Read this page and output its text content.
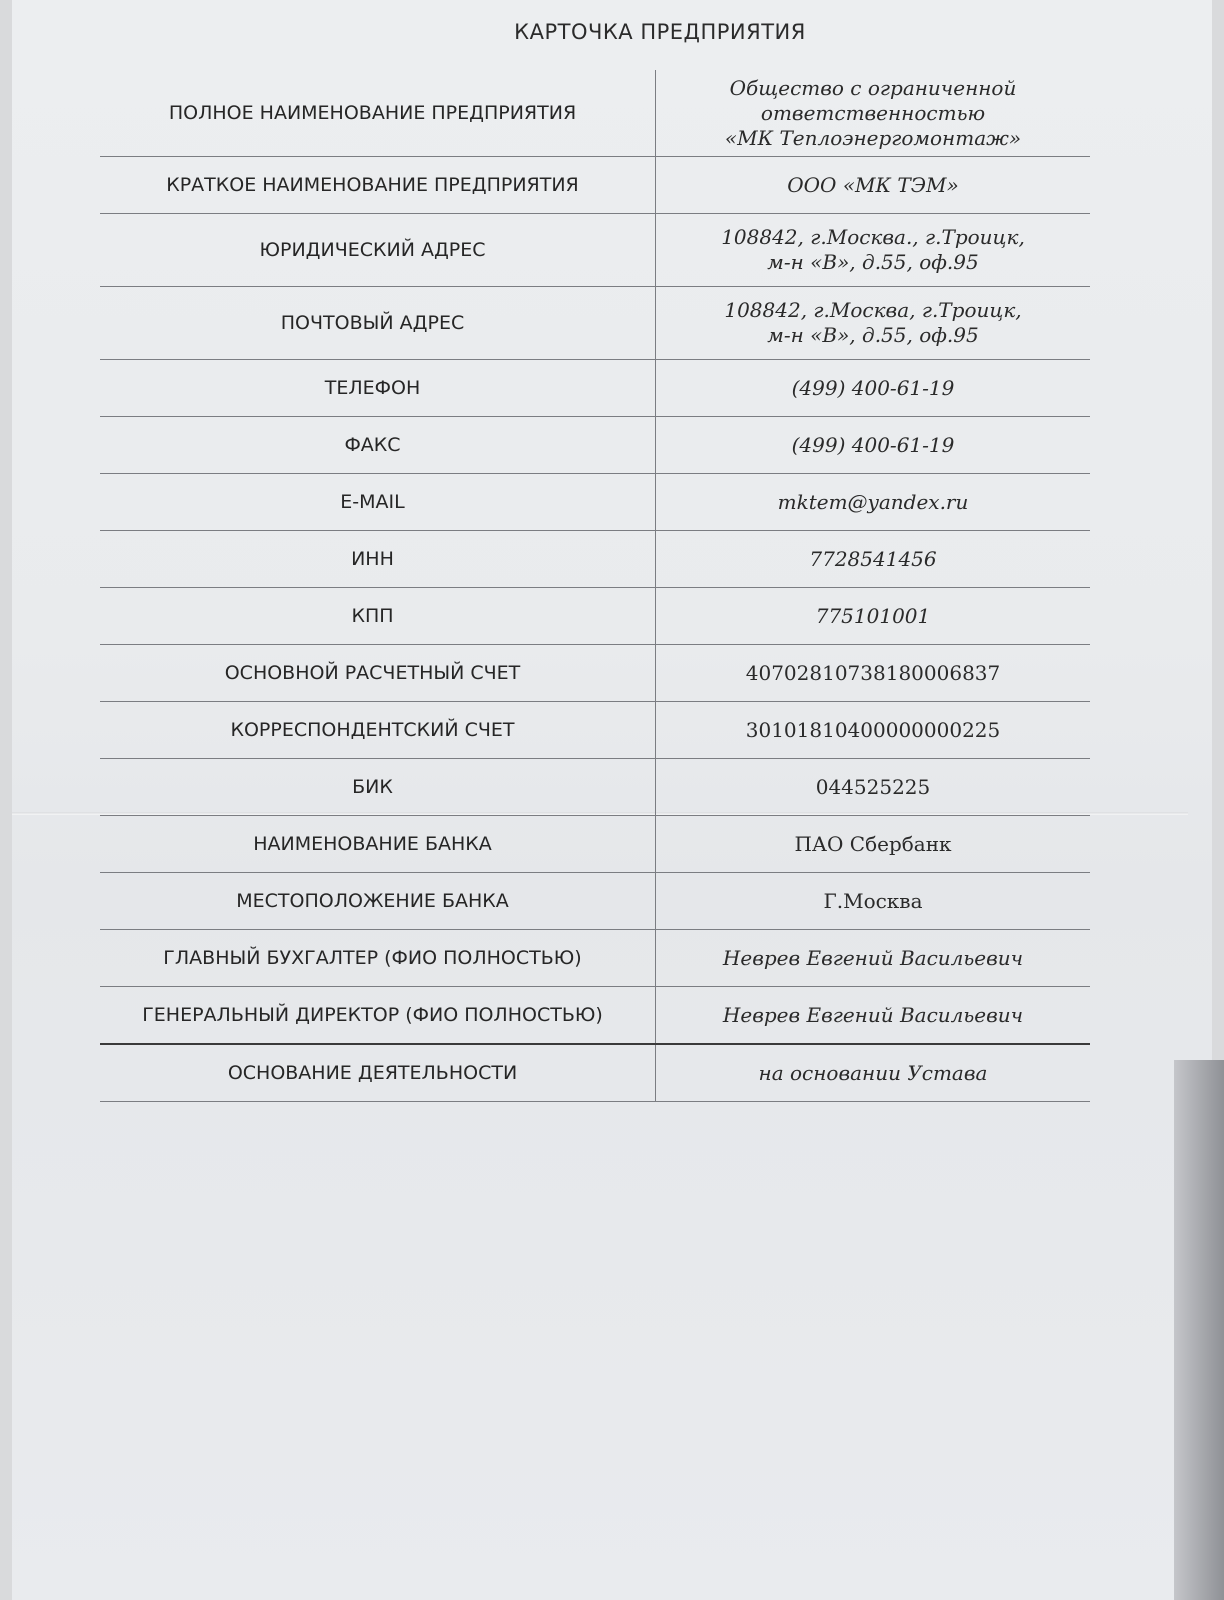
КАРТОЧКА ПРЕДПРИЯТИЯ
ПОЛНОЕ НАИМЕНОВАНИЕ ПРЕДПРИЯТИЯ	Общество с ограниченной
ответственностью
«МК Теплоэнергомонтаж»

КРАТКОЕ НАИМЕНОВАНИЕ ПРЕДПРИЯТИЯ	ООО «МК ТЭМ»

ЮРИДИЧЕСКИЙ АДРЕС	108842, г.Москва., г.Троицк,
м-н «В», д.55, оф.95

ПОЧТОВЫЙ АДРЕС	108842, г.Москва, г.Троицк,
м-н «В», д.55, оф.95

ТЕЛЕФОН	(499) 400-61-19

ФАКС	(499) 400-61-19

E-MAIL	mktem@yandex.ru

ИНН	7728541456

КПП	775101001

ОСНОВНОЙ РАСЧЕТНЫЙ СЧЕТ	40702810738180006837

КОРРЕСПОНДЕНТСКИЙ СЧЕТ	30101810400000000225

БИК	044525225

НАИМЕНОВАНИЕ БАНКА	ПАО Сбербанк

МЕСТОПОЛОЖЕНИЕ БАНКА	Г.Москва

ГЛАВНЫЙ БУХГАЛТЕР (ФИО ПОЛНОСТЬЮ)	Неврев Евгений Васильевич

ГЕНЕРАЛЬНЫЙ ДИРЕКТОР (ФИО ПОЛНОСТЬЮ)	Неврев Евгений Васильевич

ОСНОВАНИЕ ДЕЯТЕЛЬНОСТИ	на основании Устава
